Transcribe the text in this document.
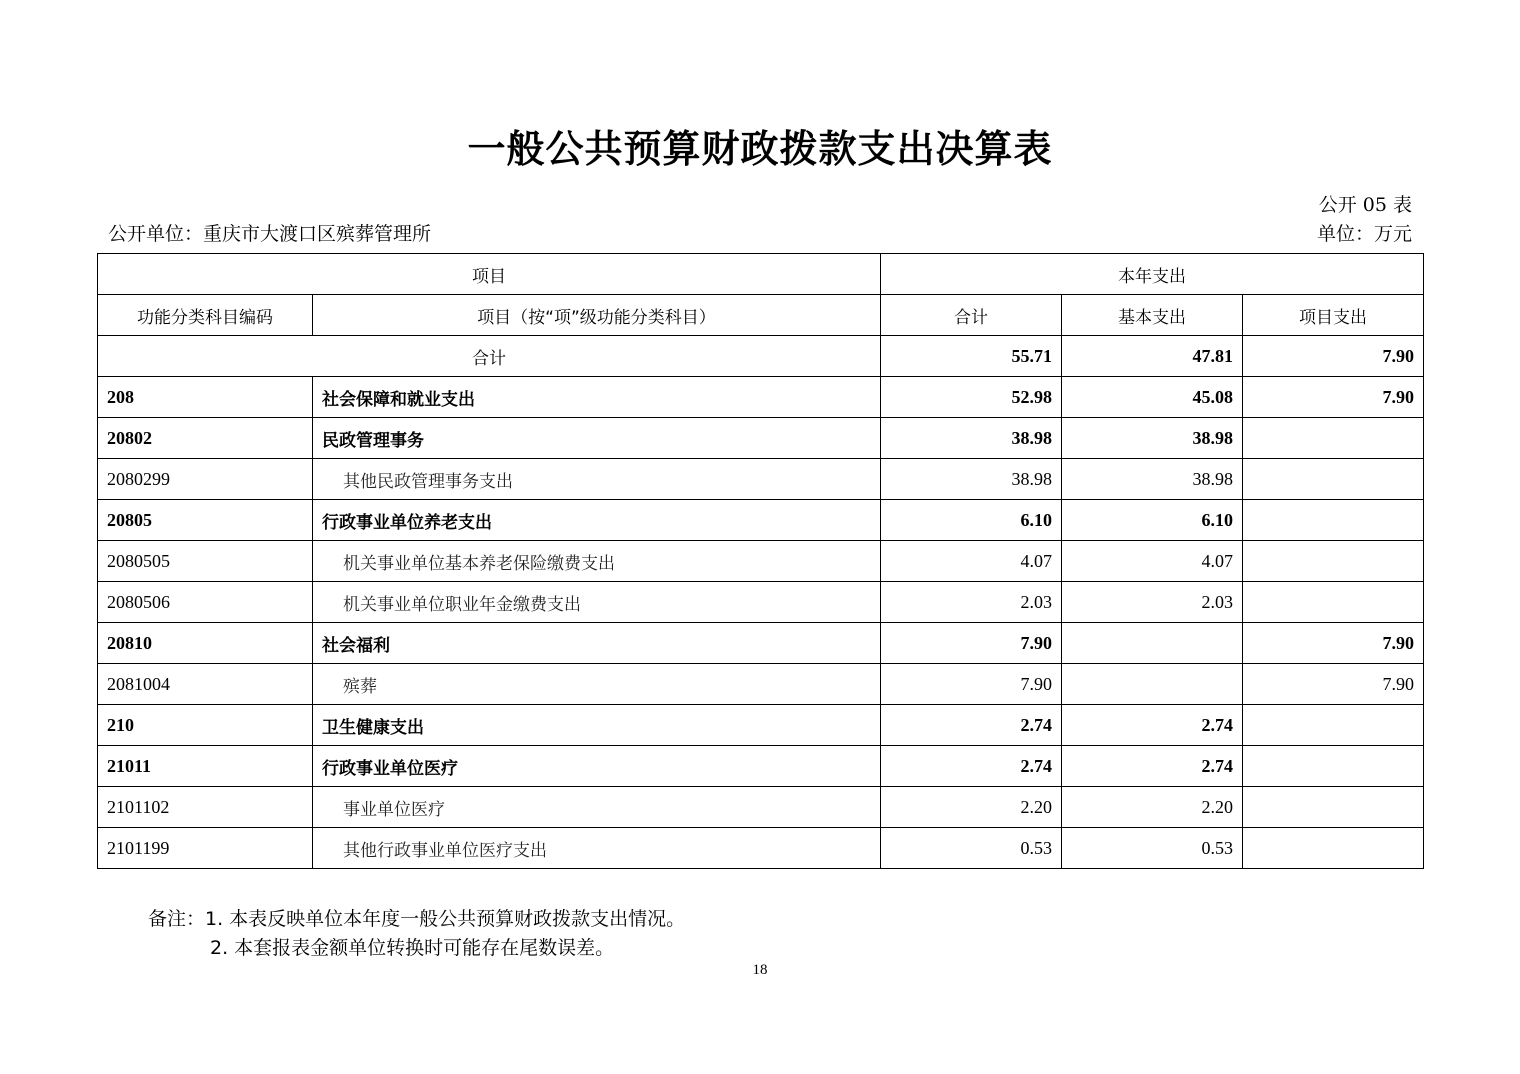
一般公共预算财政拨款支出决算表
公开 05 表
公开单位：重庆市大渡口区殡葬管理所	单位：万元
项目		本年支出		
功能分类科目编码	项目（按“项”级功能分类科目）	合计	基本支出	项目支出
合计		55.71	47.81	7.90
208	社会保障和就业支出	52.98	45.08	7.90
20802	民政管理事务	38.98	38.98	
2080299	其他民政管理事务支出	38.98	38.98	
20805	行政事业单位养老支出	6.10	6.10	
2080505	机关事业单位基本养老保险缴费支出	4.07	4.07	
2080506	机关事业单位职业年金缴费支出	2.03	2.03	
20810	社会福利	7.90		7.90
2081004	殡葬	7.90		7.90
210	卫生健康支出	2.74	2.74	
21011	行政事业单位医疗	2.74	2.74	
2101102	事业单位医疗	2.20	2.20	
2101199	其他行政事业单位医疗支出	0.53	0.53	
备注：1. 本表反映单位本年度一般公共预算财政拨款支出情况。
2. 本套报表金额单位转换时可能存在尾数误差。
18
